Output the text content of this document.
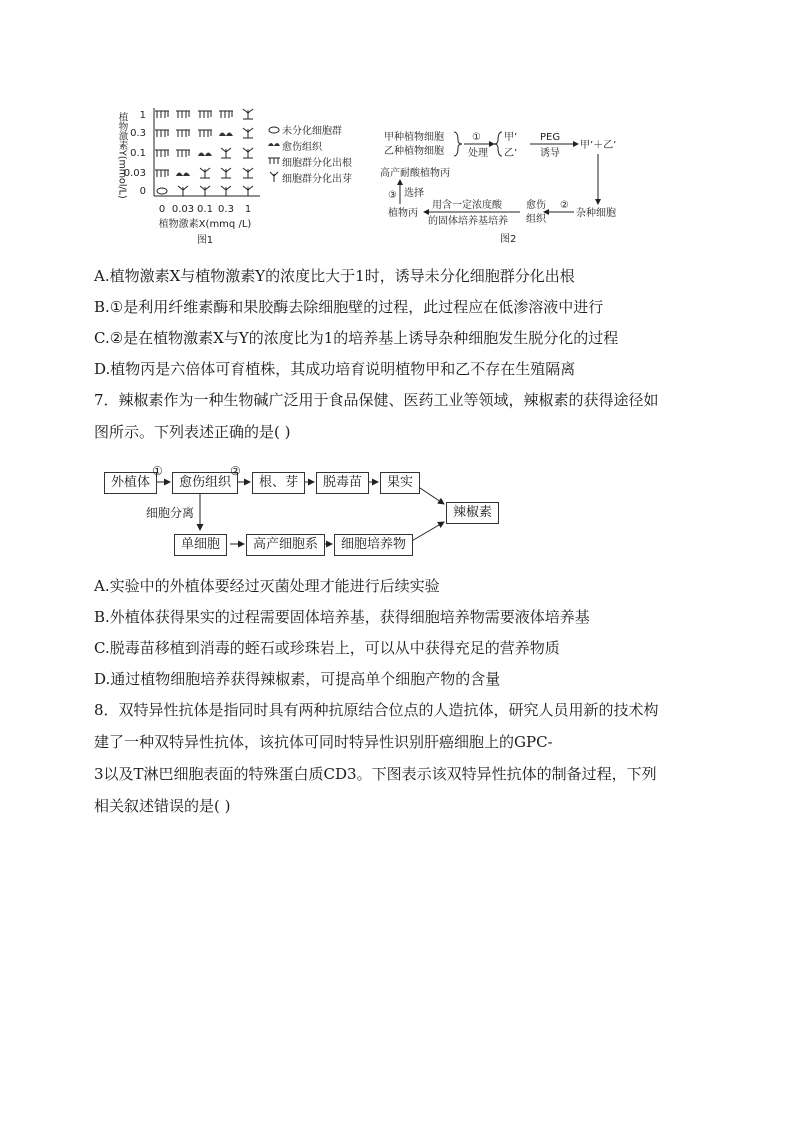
植物激素Y(mmol/L) 1
0.3
0.1
0.03
0
0 0.03 0.1 0.3 1
植物激素X(mmq /L)
图1
未分化细胞群
愈伤组织
细胞群分化出根
细胞群分化出芽
甲种植物细胞
乙种植物细胞
①
处理
甲’
乙’
PEG
诱导
甲’＋乙’
杂种细胞
②
愈伤
组织
用含一定浓度酸
的固体培养基培养
植物丙
③ 选择
高产耐酸植物丙
图2
A.植物激素X与植物激素Y的浓度比大于1时，诱导未分化细胞群分化出根
B.①是利用纤维素酶和果胶酶去除细胞壁的过程，此过程应在低渗溶液中进行
C.②是在植物激素X与Y的浓度比为1的培养基上诱导杂种细胞发生脱分化的过程
D.植物丙是六倍体可育植株，其成功培育说明植物甲和乙不存在生殖隔离
7．辣椒素作为一种生物碱广泛用于食品保健、医药工业等领域，辣椒素的获得途径如
图所示。下列表述正确的是( )
外植体
①
愈伤组织
②
根、芽	脱毒苗	果实
细胞分离
单细胞	高产细胞系	细胞培养物
辣椒素
A.实验中的外植体要经过灭菌处理才能进行后续实验
B.外植体获得果实的过程需要固体培养基，获得细胞培养物需要液体培养基
C.脱毒苗移植到消毒的蛭石或珍珠岩上，可以从中获得充足的营养物质
D.通过植物细胞培养获得辣椒素，可提高单个细胞产物的含量
8．双特异性抗体是指同时具有两种抗原结合位点的人造抗体，研究人员用新的技术构
建了一种双特异性抗体，该抗体可同时特异性识别肝癌细胞上的GPC-
3以及T淋巴细胞表面的特殊蛋白质CD3。下图表示该双特异性抗体的制备过程，下列
相关叙述错误的是( )
